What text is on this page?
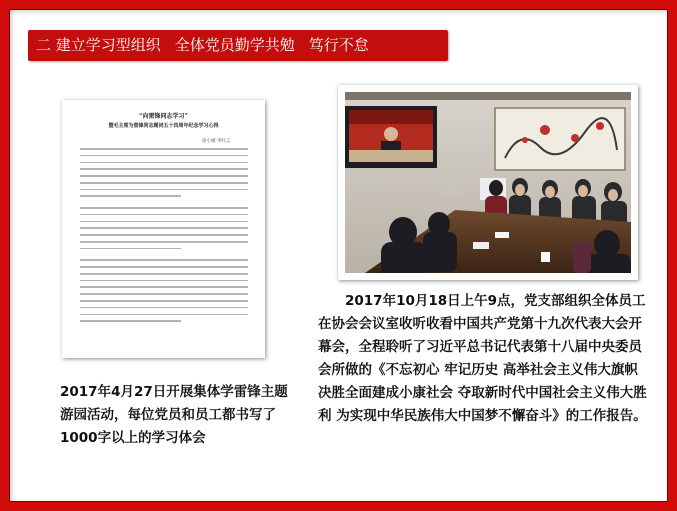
二 建立学习型组织 全体党员勤学共勉 笃行不怠
“向雷锋同志学习”
暨毛主席为雷锋同志题词五十四周年纪念学习心得
徐小刚 李红言
2017年4月27日开展集体学雷锋主题游园活动，每位党员和员工都书写了1000字以上的学习体会
2017年10月18日上午9点，党支部组织全体员工在协会会议室收听收看中国共产党第十九次代表大会开幕会，全程聆听了习近平总书记代表第十八届中央委员会所做的《不忘初心 牢记历史 高举社会主义伟大旗帜 决胜全面建成小康社会 夺取新时代中国社会主义伟大胜利 为实现中华民族伟大中国梦不懈奋斗》的工作报告。
